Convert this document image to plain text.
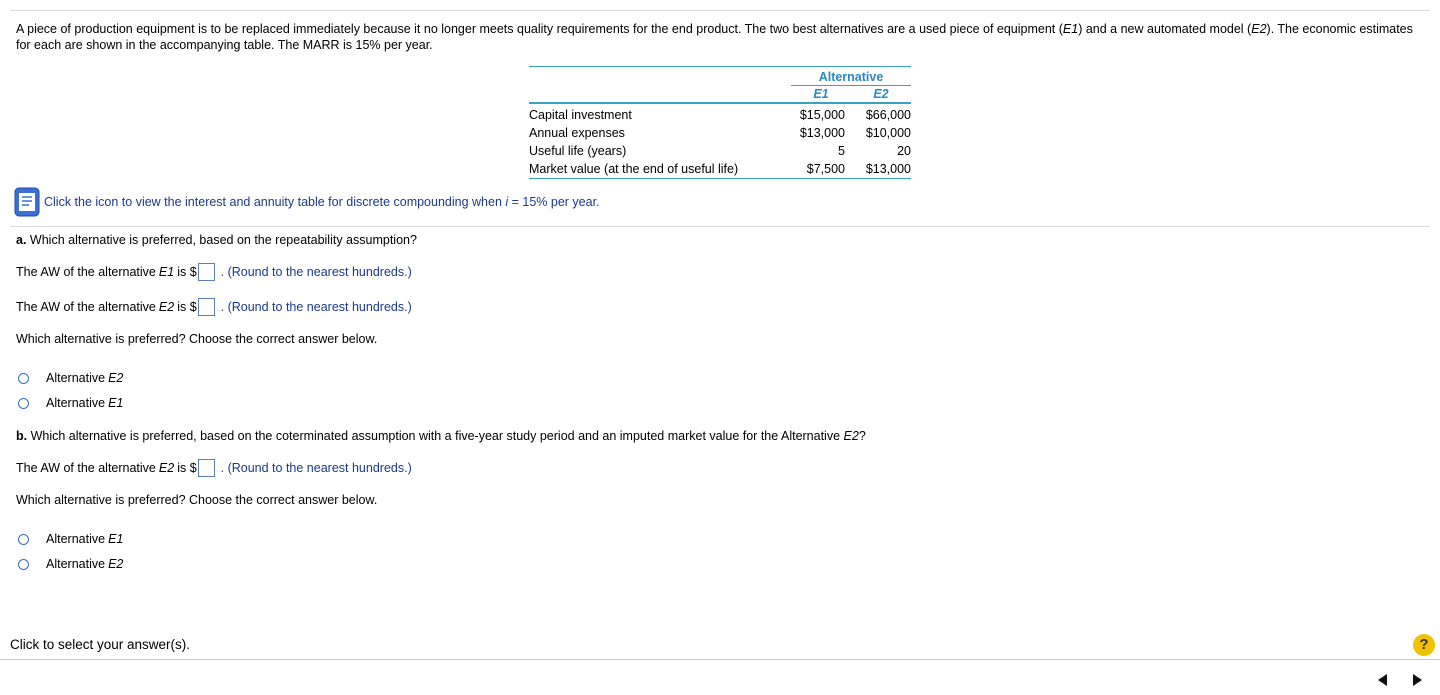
A piece of production equipment is to be replaced immediately because it no longer meets quality requirements for the end product. The two best alternatives are a used piece of equipment (E1) and a new automated model (E2). The economic estimates for each are shown in the accompanying table. The MARR is 15% per year.
Alternative
E1	E2
Capital investment	$15,000	$66,000
Annual expenses	$13,000	$10,000
Useful life (years)	5	20
Market value (at the end of useful life)	$7,500	$13,000
Click the icon to view the interest and annuity table for discrete compounding when i = 15% per year.
a. Which alternative is preferred, based on the repeatability assumption?
The AW of the alternative E1 is $ . (Round to the nearest hundreds.)
The AW of the alternative E2 is $ . (Round to the nearest hundreds.)
Which alternative is preferred? Choose the correct answer below.
Alternative E2
Alternative E1
b. Which alternative is preferred, based on the coterminated assumption with a five-year study period and an imputed market value for the Alternative E2?
The AW of the alternative E2 is $ . (Round to the nearest hundreds.)
Which alternative is preferred? Choose the correct answer below.
Alternative E1
Alternative E2
Click to select your answer(s).	?
